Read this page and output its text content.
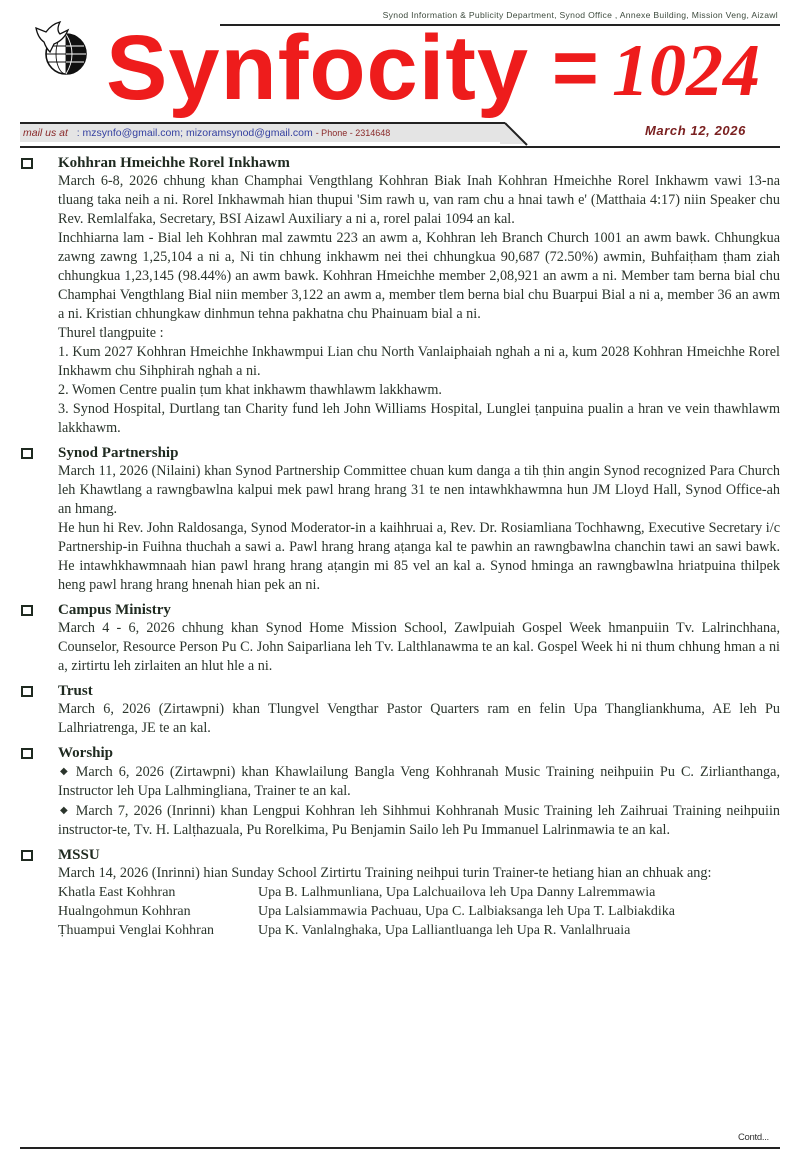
Synod Information & Publicity Department, Synod Office , Annexe Building, Mission Veng, Aizawl
Synfocity = 1024
mail us at : mzsynfo@gmail.com; mizoramsynod@gmail.com - Phone - 2314648	March 12, 2026
Kohhran Hmeichhe Rorel Inkhawm

March 6-8, 2026 chhung khan Champhai Vengthlang Kohhran Biak Inah Kohhran Hmeichhe Rorel Inkhawm vawi 13-na tluang taka neih a ni. Rorel Inkhawmah hian thupui 'Sim rawh u, van ram chu a hnai tawh e' (Matthaia 4:17) niin Speaker chu Rev. Remlalfaka, Secretary, BSI Aizawl Auxiliary a ni a, rorel palai 1094 an kal.

Inchhiarna lam - Bial leh Kohhran mal zawmtu 223 an awm a, Kohhran leh Branch Church 1001 an awm bawk. Chhungkua zawng zawng 1,25,104 a ni a, Ni tin chhung inkhawm nei thei chhungkua 90,687 (72.50%) awmin, Buhfaiṭham ṭham ziah chhungkua 1,23,145 (98.44%) an awm bawk. Kohhran Hmeichhe member 2,08,921 an awm a ni. Member tam berna bial chu Champhai Vengthlang Bial niin member 3,122 an awm a, member tlem berna bial chu Buarpui Bial a ni a, member 36 an awm a ni. Kristian chhungkaw dinhmun tehna pakhatna chu Phainuam bial a ni.

Thurel tlangpuite :

1. Kum 2027 Kohhran Hmeichhe Inkhawmpui Lian chu North Vanlaiphaiah nghah a ni a, kum 2028 Kohhran Hmeichhe Rorel Inkhawm chu Sihphirah nghah a ni.

2. Women Centre pualin ṭum khat inkhawm thawhlawm lakkhawm.

3. Synod Hospital, Durtlang tan Charity fund leh John Williams Hospital, Lunglei ṭanpuina pualin a hran ve vein thawhlawm lakkhawm.

Synod Partnership

March 11, 2026 (Nilaini) khan Synod Partnership Committee chuan kum danga a tih ṭhin angin Synod recognized Para Church leh Khawtlang a rawngbawlna kalpui mek pawl hrang hrang 31 te nen intawhkhawmna hun JM Lloyd Hall, Synod Office-ah an hmang.

He hun hi Rev. John Raldosanga, Synod Moderator-in a kaihhruai a, Rev. Dr. Rosiamliana Tochhawng, Executive Secretary i/c Partnership-in Fuihna thuchah a sawi a. Pawl hrang hrang aṭanga kal te pawhin an rawngbawlna chanchin tawi an sawi bawk. He intawhkhawmnaah hian pawl hrang hrang aṭangin mi 85 vel an kal a. Synod hminga an rawngbawlna hriatpuina thilpek heng pawl hrang hrang hnenah hian pek an ni.

Campus Ministry

March 4 - 6, 2026 chhung khan Synod Home Mission School, Zawlpuiah Gospel Week hmanpuiin Tv. Lalrinchhana, Counselor, Resource Person Pu C. John Saiparliana leh Tv. Lalthlanawma te an kal. Gospel Week hi ni thum chhung hman a ni a, zirtirtu leh zirlaiten an hlut hle a ni.

Trust

March 6, 2026 (Zirtawpni) khan Tlungvel Vengthar Pastor Quarters ram en felin Upa Thangliankhuma, AE leh Pu Lalhriatrenga, JE te an kal.

Worship

◆ March 6, 2026 (Zirtawpni) khan Khawlailung Bangla Veng Kohhranah Music Training neihpuiin Pu C. Zirlianthanga, Instructor leh Upa Lalhmingliana, Trainer te an kal.

◆ March 7, 2026 (Inrinni) khan Lengpui Kohhran leh Sihhmui Kohhranah Music Training leh Zaihruai Training neihpuiin instructor-te, Tv. H. Lalṭhazuala, Pu Rorelkima, Pu Benjamin Sailo leh Pu Immanuel Lalrinmawia te an kal.

MSSU

March 14, 2026 (Inrinni) hian Sunday School Zirtirtu Training neihpui turin Trainer-te hetiang hian an chhuak ang:

Khatla East Kohhran	Upa B. Lalhmunliana, Upa Lalchuailova leh Upa Danny Lalremmawia
Hualngohmun Kohhran	Upa Lalsiammawia Pachuau, Upa C. Lalbiaksanga leh Upa T. Lalbiakdika
Ṭhuampui Venglai Kohhran	Upa K. Vanlalnghaka, Upa Lalliantluanga leh Upa R. Vanlalhruaia
Contd...
